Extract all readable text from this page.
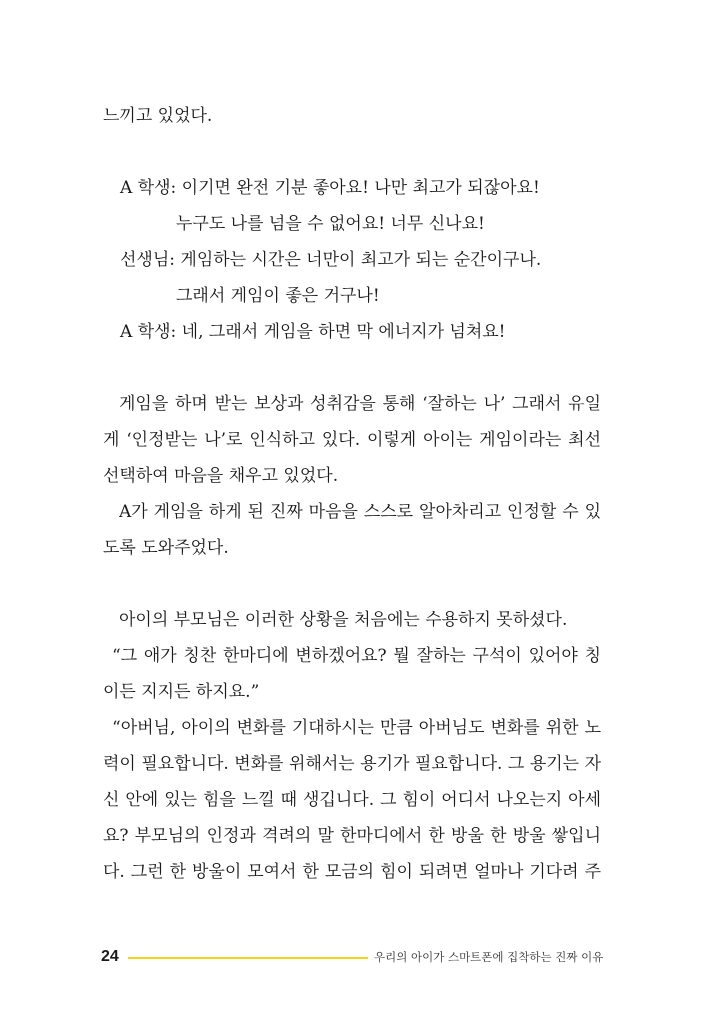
느끼고 있었다.

A 학생: 이기면 완전 기분 좋아요! 나만 최고가 되잖아요!

누구도 나를 넘을 수 없어요! 너무 신나요!

선생님: 게임하는 시간은 너만이 최고가 되는 순간이구나.

그래서 게임이 좋은 거구나!

A 학생: 네, 그래서 게임을 하면 막 에너지가 넘쳐요!

게임을 하며 받는 보상과 성취감을 통해 ‘잘하는 나’ 그래서 유일

게 ‘인정받는 나’로 인식하고 있다. 이렇게 아이는 게임이라는 최선

선택하여 마음을 채우고 있었다.

A가 게임을 하게 된 진짜 마음을 스스로 알아차리고 인정할 수 있

도록 도와주었다.

아이의 부모님은 이러한 상황을 처음에는 수용하지 못하셨다.

“그 애가 칭찬 한마디에 변하겠어요? 뭘 잘하는 구석이 있어야 칭

이든 지지든 하지요.”

“아버님, 아이의 변화를 기대하시는 만큼 아버님도 변화를 위한 노

력이 필요합니다. 변화를 위해서는 용기가 필요합니다. 그 용기는 자

신 안에 있는 힘을 느낄 때 생깁니다. 그 힘이 어디서 나오는지 아세

요? 부모님의 인정과 격려의 말 한마디에서 한 방울 한 방울 쌓입니

다. 그런 한 방울이 모여서 한 모금의 힘이 되려면 얼마나 기다려 주

24	우리의 아이가 스마트폰에 집착하는 진짜 이유
